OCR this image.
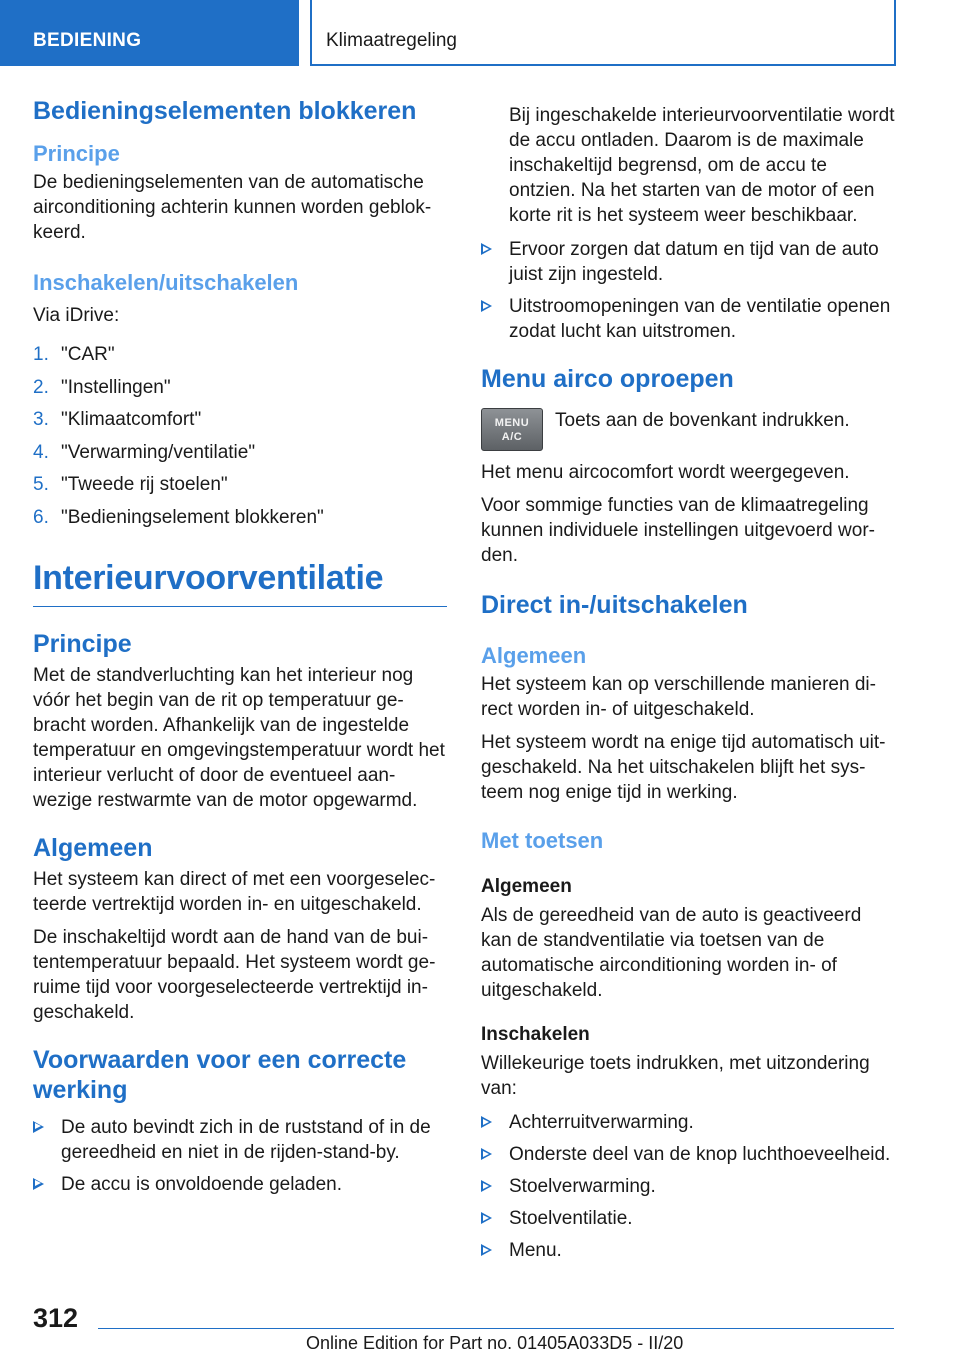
BEDIENING	Klimaatregeling
Bedieningselementen blokkeren
Principe

De bedieningselementen van de automatische airconditioning achterin kunnen worden geblokkeerd.

Inschakelen/uitschakelen

Via iDrive:

1. "CAR"
2. "Instellingen"
3. "Klimaatcomfort"
4. "Verwarming/ventilatie"
5. "Tweede rij stoelen"
6. "Bedieningselement blokkeren"
Interieurvoorventilatie
Principe

Met de standverluchting kan het interieur nog vóór het begin van de rit op temperatuur gebracht worden. Afhankelijk van de ingestelde temperatuur en omgevingstemperatuur wordt het interieur verlucht of door de eventueel aanwezige restwarmte van de motor opgewarmd.

Algemeen

Het systeem kan direct of met een voorgeselecteerde vertrektijd worden in- en uitgeschakeld.

De inschakeltijd wordt aan de hand van de buitentemperatuur bepaald. Het systeem wordt geruime tijd voor voorgeselecteerde vertrektijd ingeschakeld.

Voorwaarden voor een correcte werking
De auto bevindt zich in de ruststand of in de gereedheid en niet in de rijden-stand-by.
De accu is onvoldoende geladen.

Bij ingeschakelde interieurvoorventilatie wordt de accu ontladen. Daarom is de maximale inschakeltijd begrensd, om de accu te ontzien. Na het starten van de motor of een korte rit is het systeem weer beschikbaar.

Ervoor zorgen dat datum en tijd van de auto juist zijn ingesteld.
Uitstroomopeningen van de ventilatie openen zodat lucht kan uitstromen.
Menu airco oproepen
MENU
A/C

Toets aan de bovenkant indrukken.

Het menu aircocomfort wordt weergegeven.

Voor sommige functies van de klimaatregeling kunnen individuele instellingen uitgevoerd worden.

Direct in-/uitschakelen
Algemeen

Het systeem kan op verschillende manieren direct worden in- of uitgeschakeld.

Het systeem wordt na enige tijd automatisch uitgeschakeld. Na het uitschakelen blijft het systeem nog enige tijd in werking.

Met toetsen
Algemeen

Als de gereedheid van de auto is geactiveerd kan de standventilatie via toetsen van de automatische airconditioning worden in- of uitgeschakeld.

Inschakelen

Willekeurige toets indrukken, met uitzondering van:

Achterruitverwarming.
Onderste deel van de knop luchthoeveelheid.
Stoelverwarming.
Stoelventilatie.
Menu.
312
Online Edition for Part no. 01405A033D5 - II/20
